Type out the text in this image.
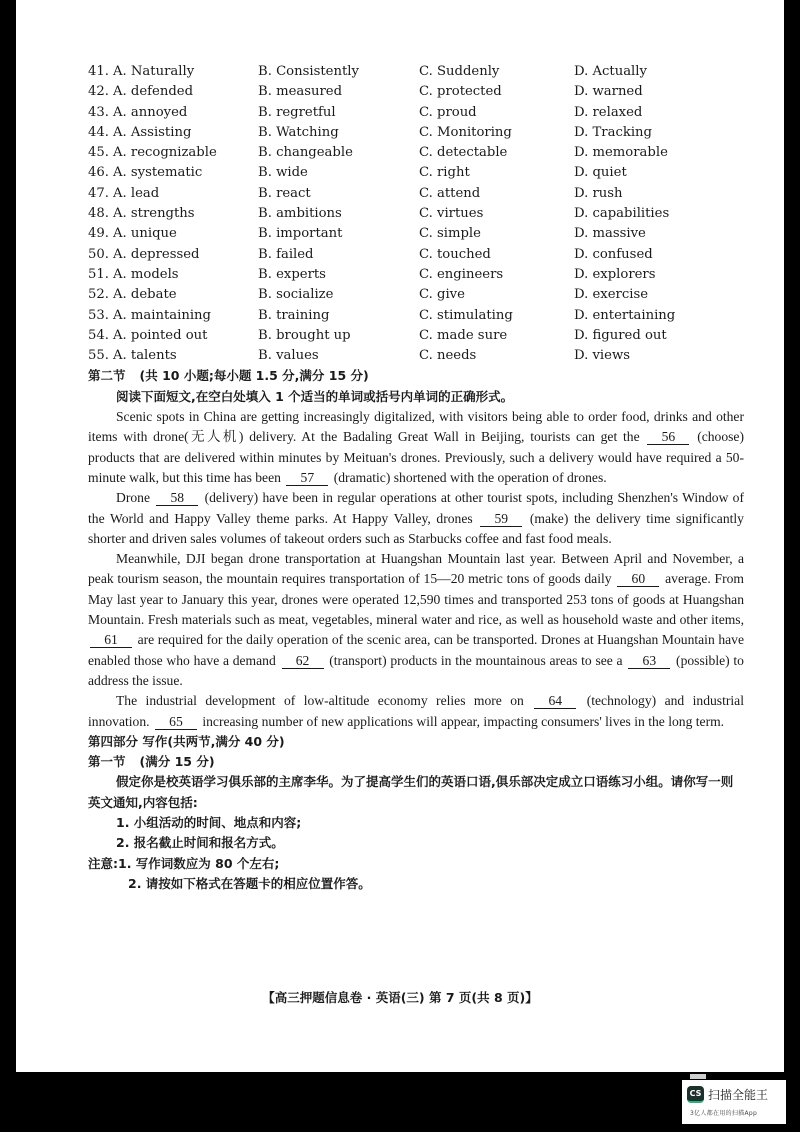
41. A. Naturally	B. Consistently	C. Suddenly	D. Actually
42. A. defended	B. measured	C. protected	D. warned
43. A. annoyed	B. regretful	C. proud	D. relaxed
44. A. Assisting	B. Watching	C. Monitoring	D. Tracking
45. A. recognizable	B. changeable	C. detectable	D. memorable
46. A. systematic	B. wide	C. right	D. quiet
47. A. lead	B. react	C. attend	D. rush
48. A. strengths	B. ambitions	C. virtues	D. capabilities
49. A. unique	B. important	C. simple	D. massive
50. A. depressed	B. failed	C. touched	D. confused
51. A. models	B. experts	C. engineers	D. explorers
52. A. debate	B. socialize	C. give	D. exercise
53. A. maintaining	B. training	C. stimulating	D. entertaining
54. A. pointed out	B. brought up	C. made sure	D. figured out
55. A. talents	B. values	C. needs	D. views
第二节 (共 10 小题;每小题 1.5 分,满分 15 分)
阅读下面短文,在空白处填入 1 个适当的单词或括号内单词的正确形式。

Scenic spots in China are getting increasingly digitalized, with visitors being able to order food, drinks and other items with drone(无人机) delivery. At the Badaling Great Wall in Beijing, tourists can get the 56 (choose) products that are delivered within minutes by Meituan's drones. Previously, such a delivery would have required a 50-minute walk, but this time has been 57 (dramatic) shortened with the operation of drones.

Drone 58 (delivery) have been in regular operations at other tourist spots, including Shenzhen's Window of the World and Happy Valley theme parks. At Happy Valley, drones 59 (make) the delivery time significantly shorter and driven sales volumes of takeout orders such as Starbucks coffee and fast food meals.

Meanwhile, DJI began drone transportation at Huangshan Mountain last year. Between April and November, a peak tourism season, the mountain requires transportation of 15—20 metric tons of goods daily 60 average. From May last year to January this year, drones were operated 12,590 times and transported 253 tons of goods at Huangshan Mountain. Fresh materials such as meat, vegetables, mineral water and rice, as well as household waste and other items, 61 are required for the daily operation of the scenic area, can be transported. Drones at Huangshan Mountain have enabled those who have a demand 62 (transport) products in the mountainous areas to see a 63 (possible) to address the issue.

The industrial development of low-altitude economy relies more on 64 (technology) and industrial innovation. 65 increasing number of new applications will appear, impacting consumers' lives in the long term.

第四部分 写作(共两节,满分 40 分)
第一节 (满分 15 分)

假定你是校英语学习俱乐部的主席李华。为了提高学生们的英语口语,俱乐部决定成立口语练习小组。请你写一则英文通知,内容包括:

1. 小组活动的时间、地点和内容;
2. 报名截止时间和报名方式。
注意:1. 写作词数应为 80 个左右;
2. 请按如下格式在答题卡的相应位置作答。
【高三押题信息卷 · 英语(三) 第 7 页(共 8 页)】
CS 扫描全能王
3亿人都在用的扫描App
